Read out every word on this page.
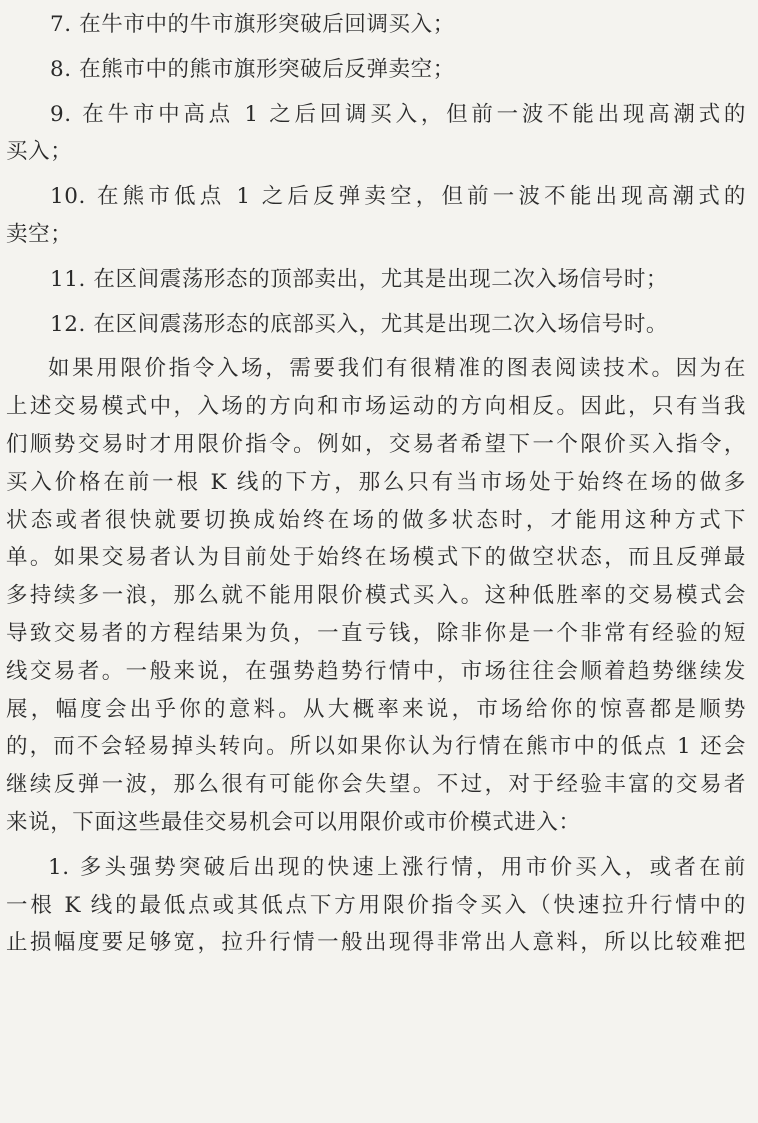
7. 在牛市中的牛市旗形突破后回调买入；
8. 在熊市中的熊市旗形突破后反弹卖空；
9. 在牛市中高点 1 之后回调买入，但前一波不能出现高潮式的
买入；
10. 在熊市低点 1 之后反弹卖空，但前一波不能出现高潮式的
卖空；
11. 在区间震荡形态的顶部卖出，尤其是出现二次入场信号时；
12. 在区间震荡形态的底部买入，尤其是出现二次入场信号时。
如果用限价指令入场，需要我们有很精准的图表阅读技术。因为在
上述交易模式中，入场的方向和市场运动的方向相反。因此，只有当我
们顺势交易时才用限价指令。例如，交易者希望下一个限价买入指令，
买入价格在前一根 K 线的下方，那么只有当市场处于始终在场的做多
状态或者很快就要切换成始终在场的做多状态时，才能用这种方式下
单。如果交易者认为目前处于始终在场模式下的做空状态，而且反弹最
多持续多一浪，那么就不能用限价模式买入。这种低胜率的交易模式会
导致交易者的方程结果为负，一直亏钱，除非你是一个非常有经验的短
线交易者。一般来说，在强势趋势行情中，市场往往会顺着趋势继续发
展，幅度会出乎你的意料。从大概率来说，市场给你的惊喜都是顺势
的，而不会轻易掉头转向。所以如果你认为行情在熊市中的低点 1 还会
继续反弹一波，那么很有可能你会失望。不过，对于经验丰富的交易者
来说，下面这些最佳交易机会可以用限价或市价模式进入：
1. 多头强势突破后出现的快速上涨行情，用市价买入，或者在前
一根 K 线的最低点或其低点下方用限价指令买入（快速拉升行情中的
止损幅度要足够宽，拉升行情一般出现得非常出人意料，所以比较难把
